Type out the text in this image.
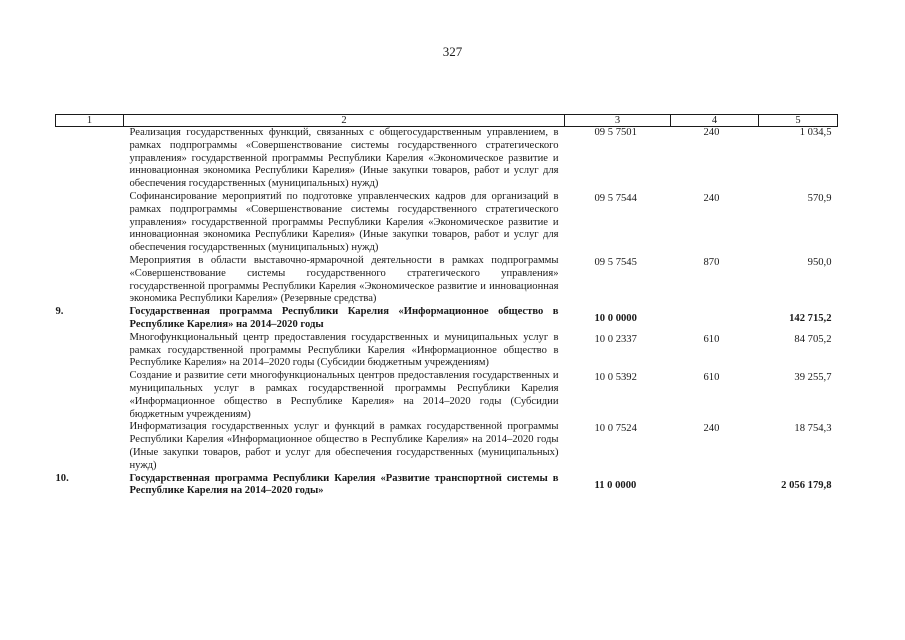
327
1	2	3	4	5
	Реализация государственных функций, связанных с общегосударственным управлением, в рамках подпрограммы «Совершенствование системы государственного стратегического управления» государственной программы Республики Карелия «Экономическое развитие и инновационная экономика Республики Карелия» (Иные закупки товаров, работ и услуг для обеспечения государственных (муниципальных) нужд)	09 5 7501	240	1 034,5
	Софинансирование мероприятий по подготовке управленческих кадров для организаций в рамках подпрограммы «Совершенствование системы государственного стратегического управления» государственной программы Республики Карелия «Экономическое развитие и инновационная экономика Республики Карелия» (Иные закупки товаров, работ и услуг для обеспечения государственных (муниципальных) нужд)	09 5 7544	240	570,9
	Мероприятия в области выставочно-ярмарочной деятельности в рамках подпрограммы «Совершенствование системы государственного стратегического управления» государственной программы Республики Карелия «Экономическое развитие и инновационная экономика Республики Карелия» (Резервные средства)	09 5 7545	870	950,0
9.	Государственная программа Республики Карелия «Информационное общество в Республике Карелия» на 2014–2020 годы	10 0 0000		142 715,2
	Многофункциональный центр предоставления государственных и муниципальных услуг в рамках государственной программы Республики Карелия «Информационное общество в Республике Карелия» на 2014–2020 годы (Субсидии бюджетным учреждениям)	10 0 2337	610	84 705,2
	Создание и развитие сети многофункциональных центров предоставления государственных и муниципальных услуг в рамках государственной программы Республики Карелия «Информационное общество в Республике Карелия» на 2014–2020 годы (Субсидии бюджетным учреждениям)	10 0 5392	610	39 255,7
	Информатизация государственных услуг и функций в рамках государственной программы Республики Карелия «Информационное общество в Республике Карелия» на 2014–2020 годы (Иные закупки товаров, работ и услуг для обеспечения государственных (муниципальных) нужд)	10 0 7524	240	18 754,3
10.	Государственная программа Республики Карелия «Развитие транспортной системы в Республике Карелия на 2014–2020 годы»	11 0 0000		2 056 179,8
